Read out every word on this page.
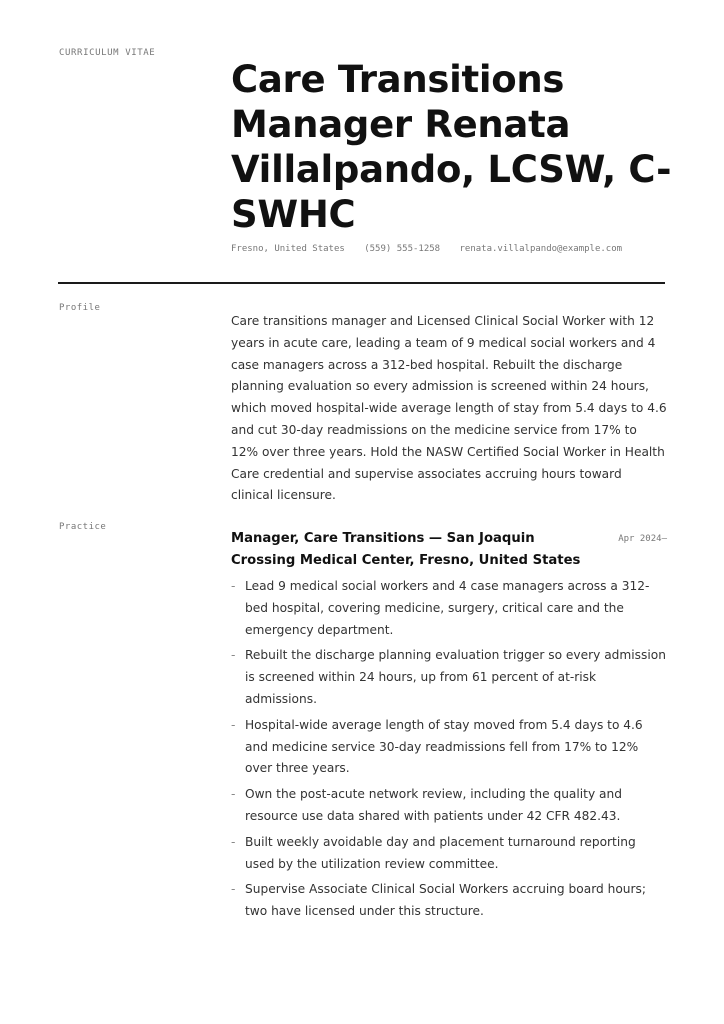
CURRICULUM VITAE
Care Transitions Manager Renata Villalpando, LCSW, C-SWHC
Fresno, United States (559) 555-1258 renata.villalpando@example.com
Profile

Care transitions manager and Licensed Clinical Social Worker with 12 years in acute care, leading a team of 9 medical social workers and 4 case managers across a 312-bed hospital. Rebuilt the discharge planning evaluation so every admission is screened within 24 hours, which moved hospital-wide average length of stay from 5.4 days to 4.6 and cut 30-day readmissions on the medicine service from 17% to 12% over three years. Hold the NASW Certified Social Worker in Health Care credential and supervise associates accruing hours toward clinical licensure.

Practice

Manager, Care Transitions — San Joaquin Crossing Medical Center, Fresno, United States

Apr 2024—
- Lead 9 medical social workers and 4 case managers across a 312-bed hospital, covering medicine, surgery, critical care and the emergency department.
- Rebuilt the discharge planning evaluation trigger so every admission is screened within 24 hours, up from 61 percent of at-risk admissions.
- Hospital-wide average length of stay moved from 5.4 days to 4.6 and medicine service 30-day readmissions fell from 17% to 12% over three years.
- Own the post-acute network review, including the quality and resource use data shared with patients under 42 CFR 482.43.
- Built weekly avoidable day and placement turnaround reporting used by the utilization review committee.
- Supervise Associate Clinical Social Workers accruing board hours; two have licensed under this structure.
